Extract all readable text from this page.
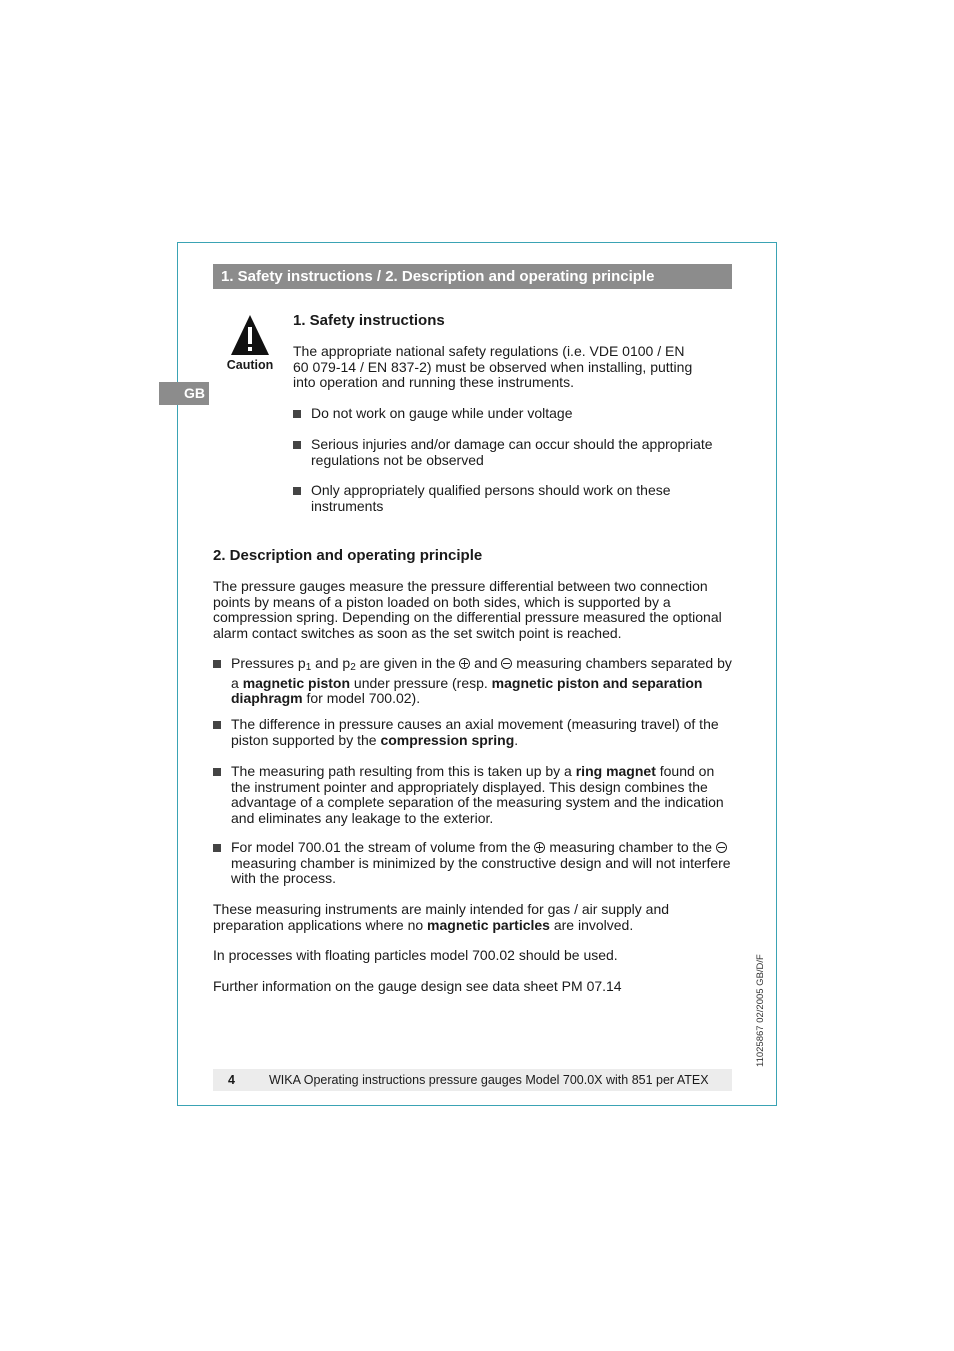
1. Safety instructions / 2. Description and operating principle
GB
Caution
1. Safety instructions

The appropriate national safety regulations (i.e. VDE 0100 / EN 60 079-14 / EN 837-2) must be observed when installing, putting into operation and running these instruments.

Do not work on gauge while under voltage
Serious injuries and/or damage can occur should the appropriate regulations not be observed
Only appropriately qualified persons should work on these instruments
2. Description and operating principle

The pressure gauges measure the pressure differential between two connection points by means of a piston loaded on both sides, which is supported by a compression spring. Depending on the differential pressure measured the optional alarm contact switches as soon as the set switch point is reached.

Pressures $p_1$ and $p_2$ are given in the  and  measuring chambers separated by a magnetic piston under pressure (resp. magnetic piston and separation diaphragm for model 700.02).
The difference in pressure causes an axial movement (measuring travel) of the piston supported by the compression spring.
The measuring path resulting from this is taken up by a ring magnet found on the instrument pointer and appropriately displayed. This design combines the advantage of a complete separation of the measuring system and the indication and eliminates any leakage to the exterior.
For model 700.01 the stream of volume from the  measuring chamber to the  measuring chamber is minimized by the constructive design and will not interfere with the process.

These measuring instruments are mainly intended for gas / air supply and preparation applications where no magnetic particles are involved.

In processes with floating particles model 700.02 should be used.

Further information on the gauge design see data sheet PM 07.14	11025867 02/2005 GB/D/F
4	WIKA Operating instructions pressure gauges Model 700.0X with 851 per ATEX
